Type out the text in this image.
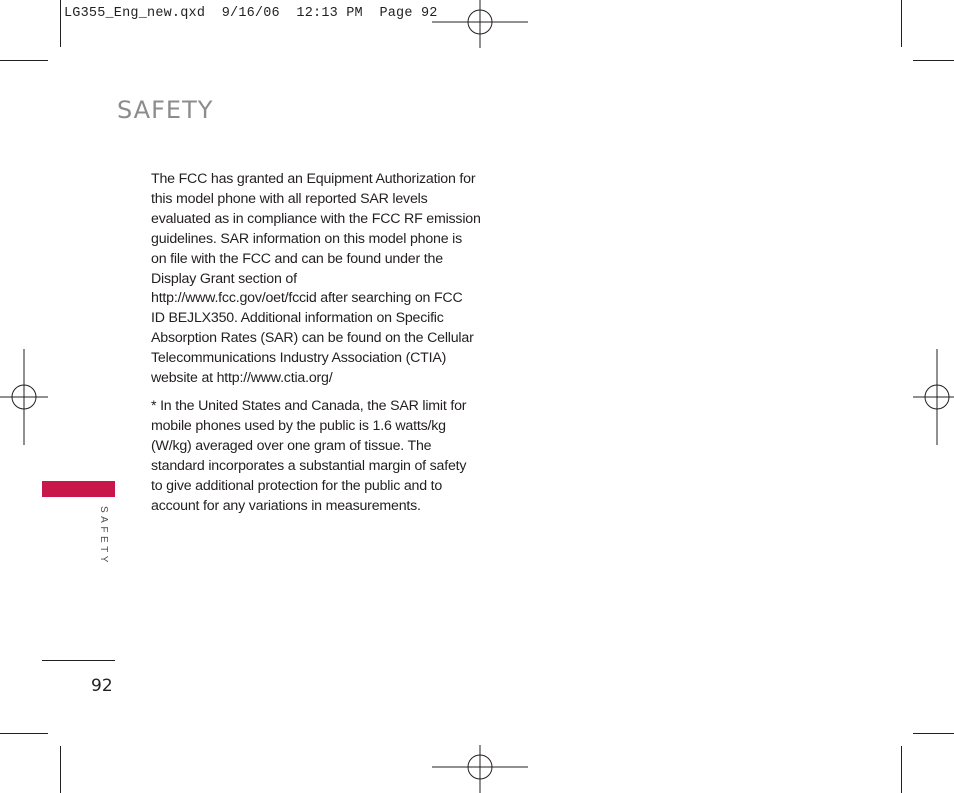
LG355_Eng_new.qxd  9/16/06  12:13 PM  Page 92
SAFETY

The FCC has granted an Equipment Authorization for
this model phone with all reported SAR levels
evaluated as in compliance with the FCC RF emission
guidelines. SAR information on this model phone is
on file with the FCC and can be found under the
Display Grant section of
http://www.fcc.gov/oet/fccid after searching on FCC
ID BEJLX350. Additional information on Specific
Absorption Rates (SAR) can be found on the Cellular
Telecommunications Industry Association (CTIA)
website at http://www.ctia.org/

* In the United States and Canada, the SAR limit for
mobile phones used by the public is 1.6 watts/kg
(W/kg) averaged over one gram of tissue. The
standard incorporates a substantial margin of safety
to give additional protection for the public and to
account for any variations in measurements.

SAFETY
92
